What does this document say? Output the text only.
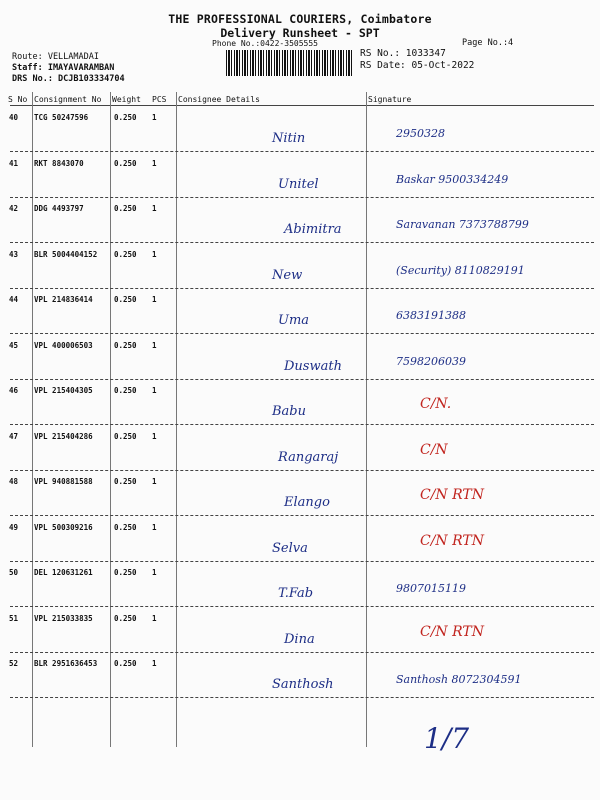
THE PROFESSIONAL COURIERS, Coimbatore
Delivery Runsheet - SPT
Phone No.:0422-3505555	Page No.:4
Route: VELLAMADAI
Staff: IMAYAVARAMBAN
DRS No.: DCJB103334704
RS No.: 1033347
RS Date: 05-Oct-2022
S No Consignment No Weight PCS Consignee Details	Signature
40 TCG 50247596	0.250 1
Nitin	2950328
41 RKT 8843070	0.250 1
Unitel	Baskar 9500334249
42 DDG 4493797	0.250 1
Abimitra	Saravanan 7373788799
43 BLR 5004404152 0.250 1
New	(Security) 8110829191
44 VPL 214836414	0.250 1
Uma	6383191388
45 VPL 400006503	0.250 1
Duswath	7598206039
46 VPL 215404305	0.250 1
Babu	C/N.
47 VPL 215404286	0.250 1
Rangaraj	C/N
48 VPL 940881588	0.250 1
Elango	C/N RTN
49 VPL 500309216	0.250 1
Selva	C/N RTN
50 DEL 120631261	0.250 1
T.Fab	9807015119
51 VPL 215033835	0.250 1
Dina	C/N RTN
52 BLR 2951636453 0.250 1
Santhosh	Santhosh 8072304591
1/7
